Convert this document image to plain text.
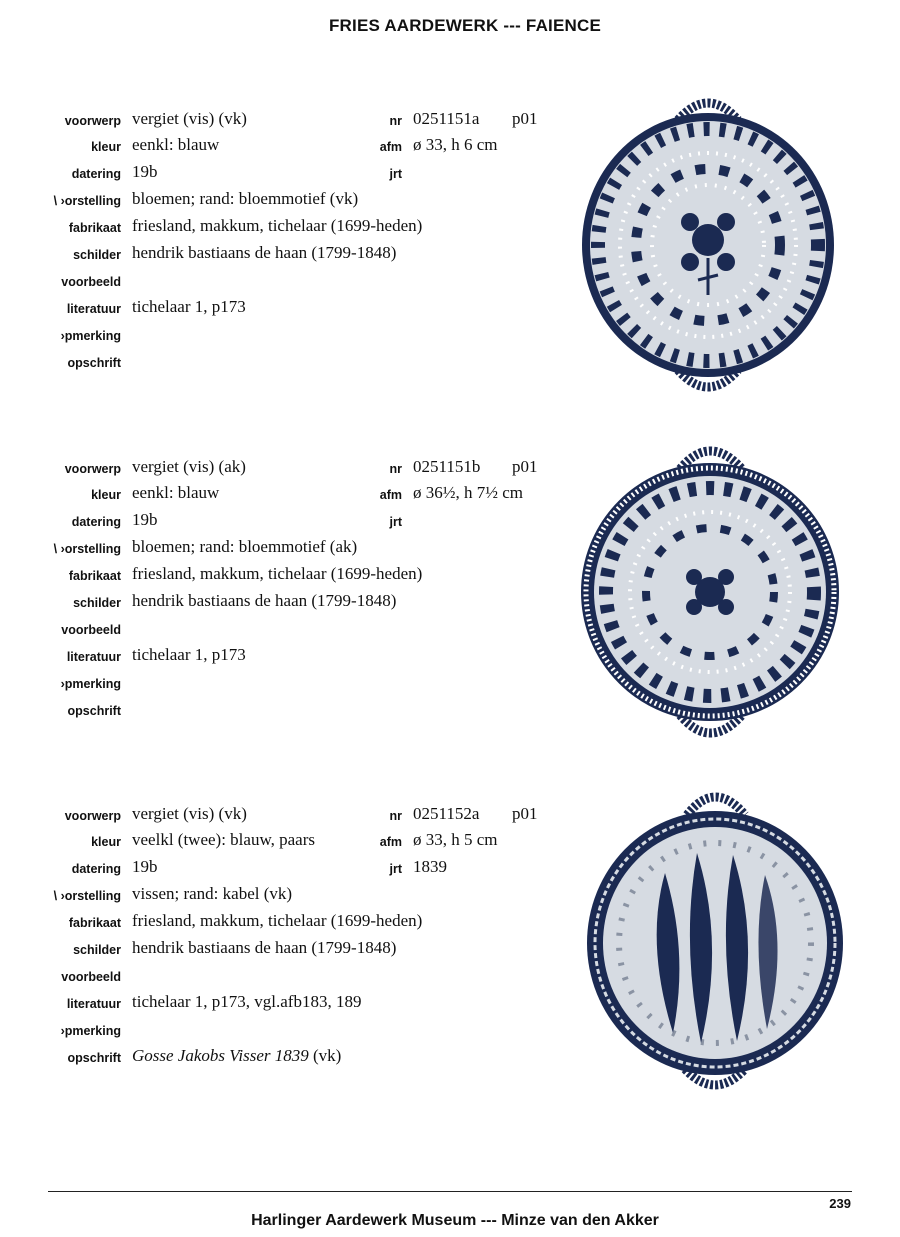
FRIES AARDEWERK --- FAIENCE
voorwerp vergiet (vis) (vk)	nr 0251151a p01
kleur eenkl: blauw	afm ø 33, h 6 cm
datering 19b	jrt
\ ›orstelling bloemen; rand: bloemmotief (vk)
fabrikaat friesland, makkum, tichelaar (1699-heden)
schilder hendrik bastiaans de haan (1799-1848)
voorbeeld
literatuur tichelaar 1, p173
›pmerking
opschrift
voorwerp vergiet (vis) (ak)	nr 0251151b p01
kleur eenkl: blauw	afm ø 36½, h 7½ cm
datering 19b	jrt
\ ›orstelling bloemen; rand: bloemmotief (ak)
fabrikaat friesland, makkum, tichelaar (1699-heden)
schilder hendrik bastiaans de haan (1799-1848)
voorbeeld
literatuur tichelaar 1, p173
›pmerking
opschrift
voorwerp vergiet (vis) (vk)	nr 0251152a p01
kleur veelkl (twee): blauw, paars	afm ø 33, h 5 cm
datering 19b	jrt 1839
\ ›orstelling vissen; rand: kabel (vk)
fabrikaat friesland, makkum, tichelaar (1699-heden)
schilder hendrik bastiaans de haan (1799-1848)
voorbeeld
literatuur tichelaar 1, p173, vgl.afb183, 189
›pmerking
opschrift Gosse Jakobs Visser 1839 (vk)
239
Harlinger Aardewerk Museum --- Minze van den Akker
